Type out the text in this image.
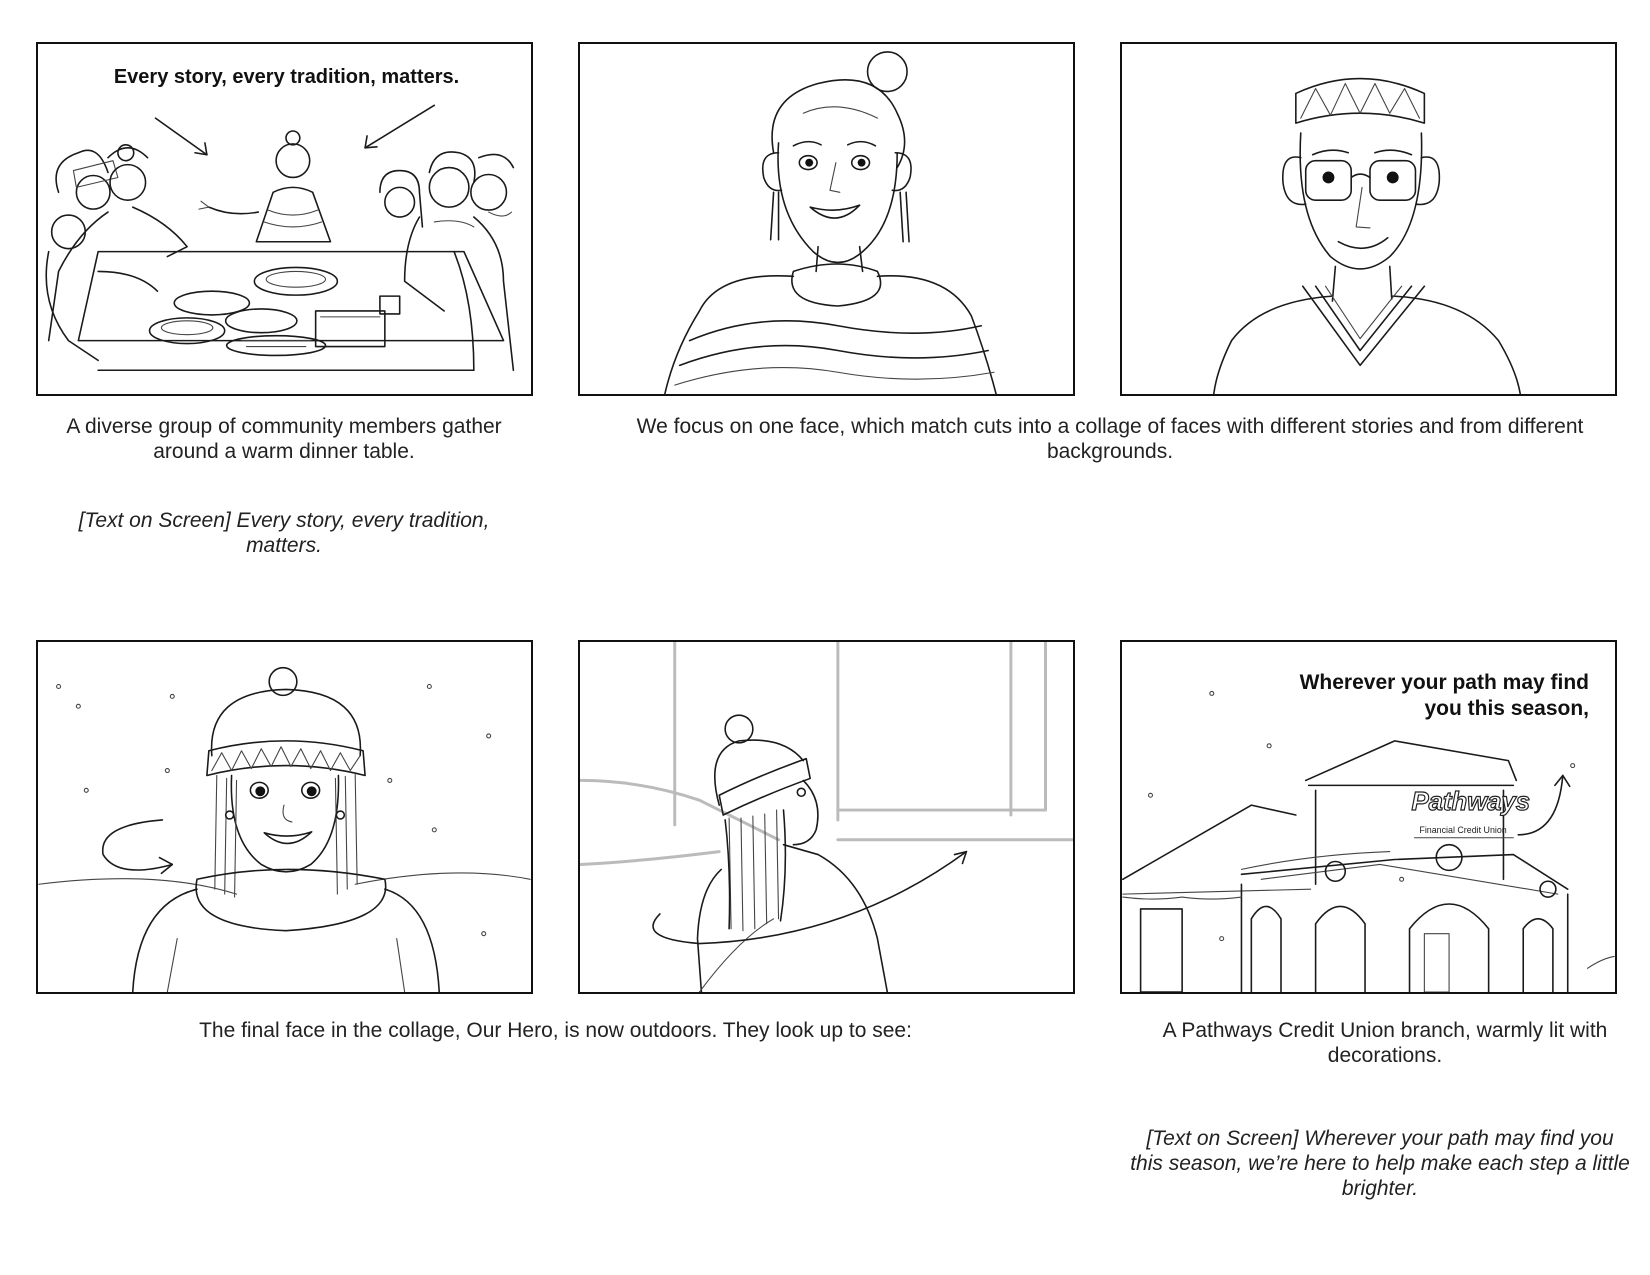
Every story, every tradition, matters.
Pathways
Financial Credit Union
Wherever your path may find
you this season,
A diverse group of community members gather around a warm dinner table.
[Text on Screen] Every story, every tradition, matters.
We focus on one face, which match cuts into a collage of faces with different stories and from different backgrounds.
The final face in the collage, Our Hero, is now outdoors. They look up to see:	A Pathways Credit Union branch, warmly lit with decorations.
[Text on Screen] Wherever your path may find you this season, we’re here to help make each step a little brighter.
